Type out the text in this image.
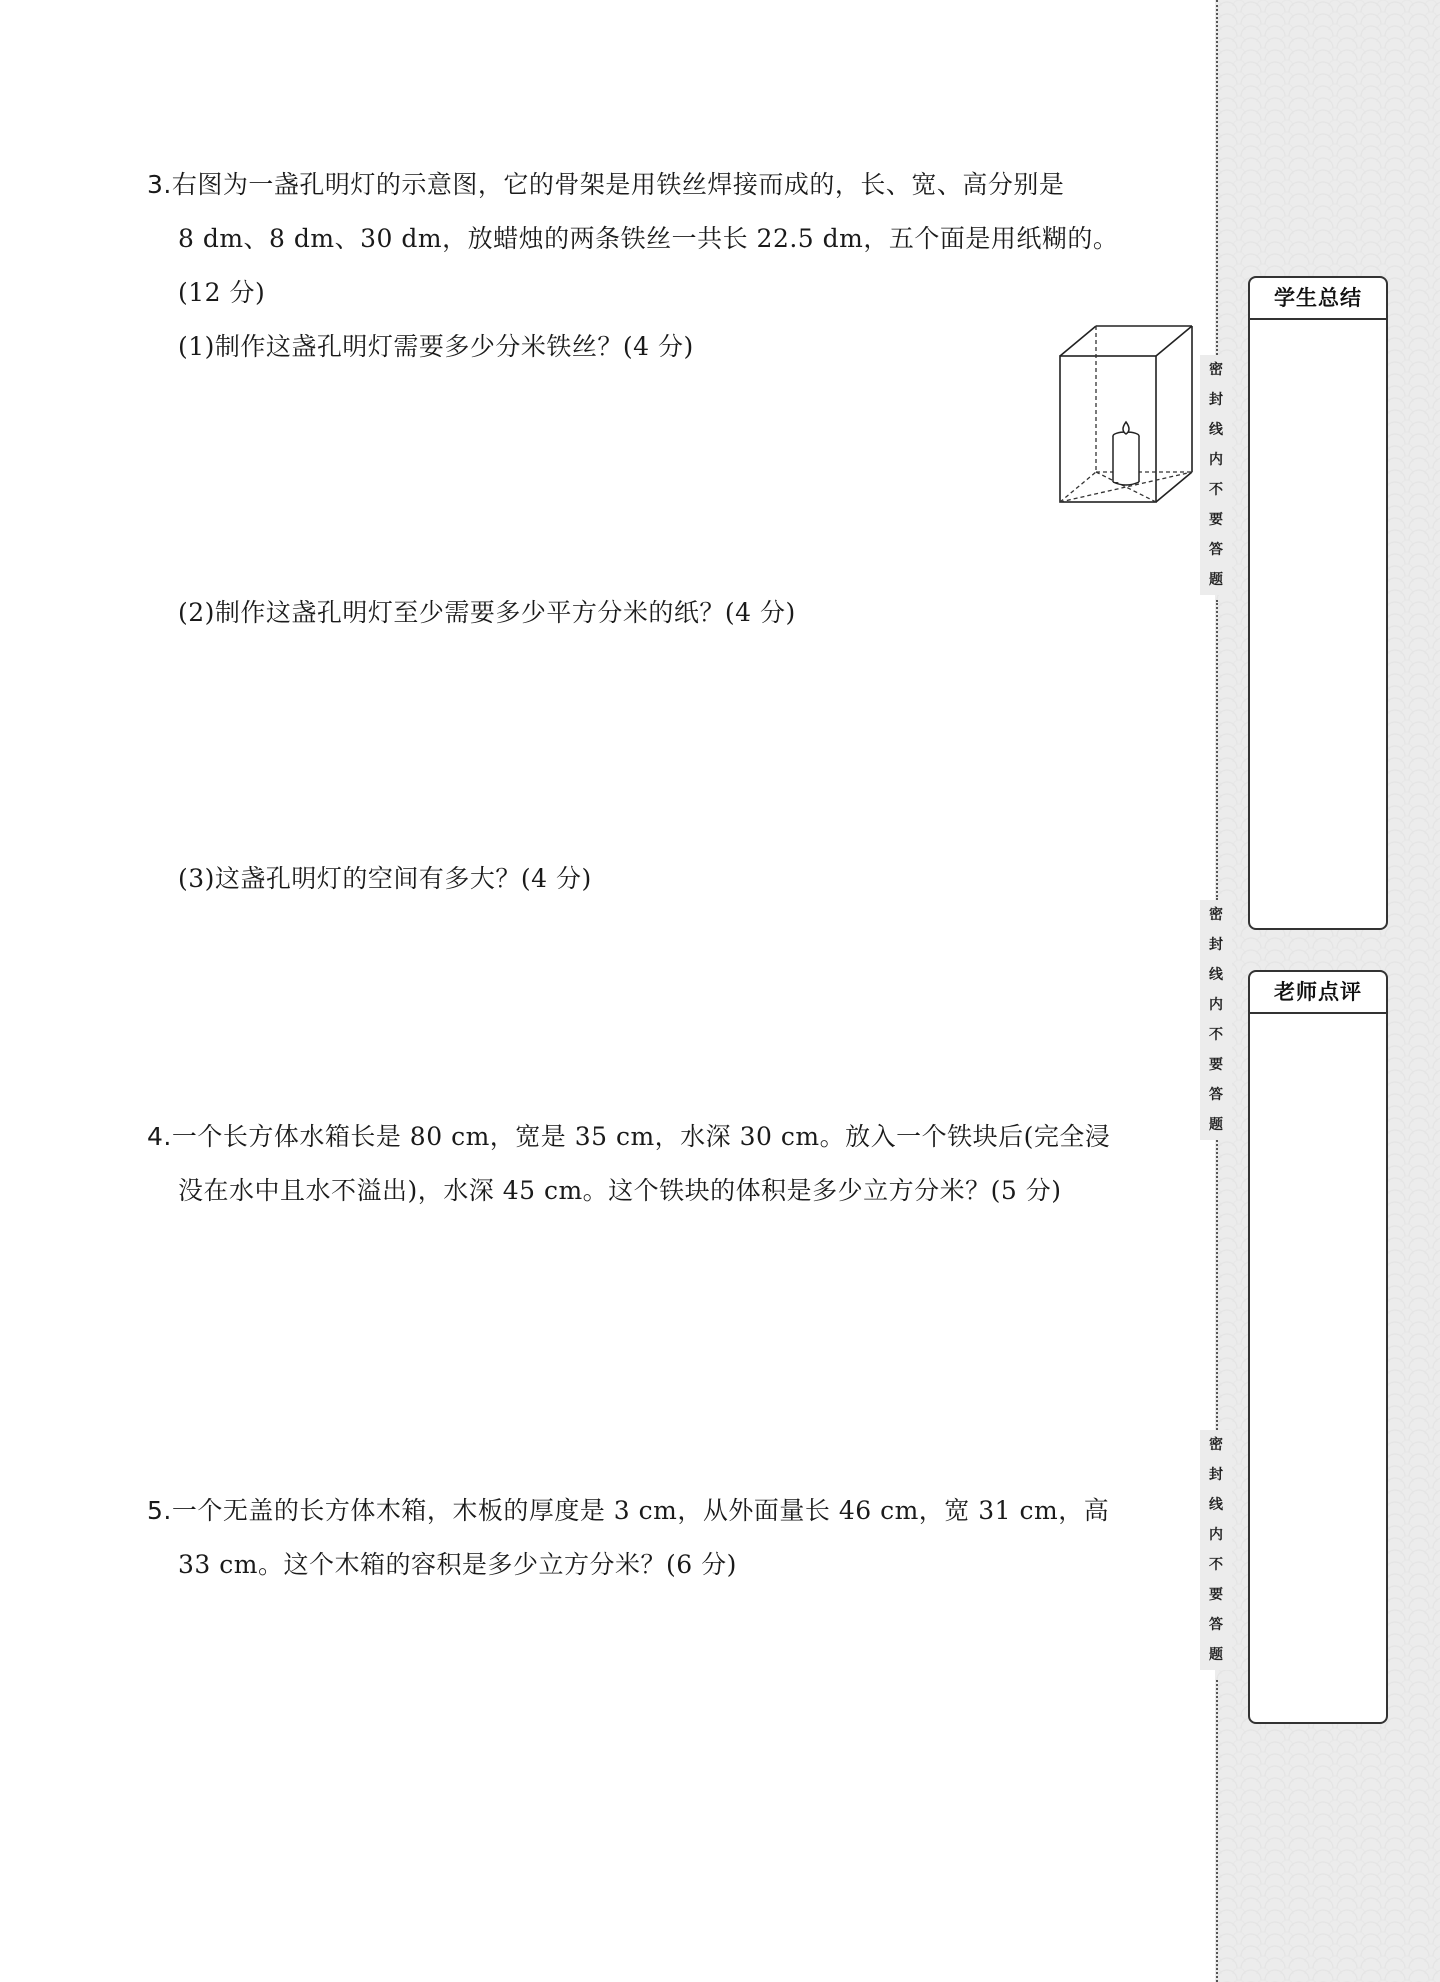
密
封
线
内
不
要
答
题
密
封
线
内
不
要
答
题
密
封
线
内
不
要
答
题
学生总结
老师点评
3.右图为一盏孔明灯的示意图，它的骨架是用铁丝焊接而成的，长、宽、高分别是
8 dm、8 dm、30 dm，放蜡烛的两条铁丝一共长 22.5 dm，五个面是用纸糊的。
(12 分)
(1)制作这盏孔明灯需要多少分米铁丝？(4 分)
(2)制作这盏孔明灯至少需要多少平方分米的纸？(4 分)
(3)这盏孔明灯的空间有多大？(4 分)
4.一个长方体水箱长是 80 cm，宽是 35 cm，水深 30 cm。放入一个铁块后(完全浸
没在水中且水不溢出)，水深 45 cm。这个铁块的体积是多少立方分米？(5 分)
5.一个无盖的长方体木箱，木板的厚度是 3 cm，从外面量长 46 cm，宽 31 cm，高
33 cm。这个木箱的容积是多少立方分米？(6 分)
